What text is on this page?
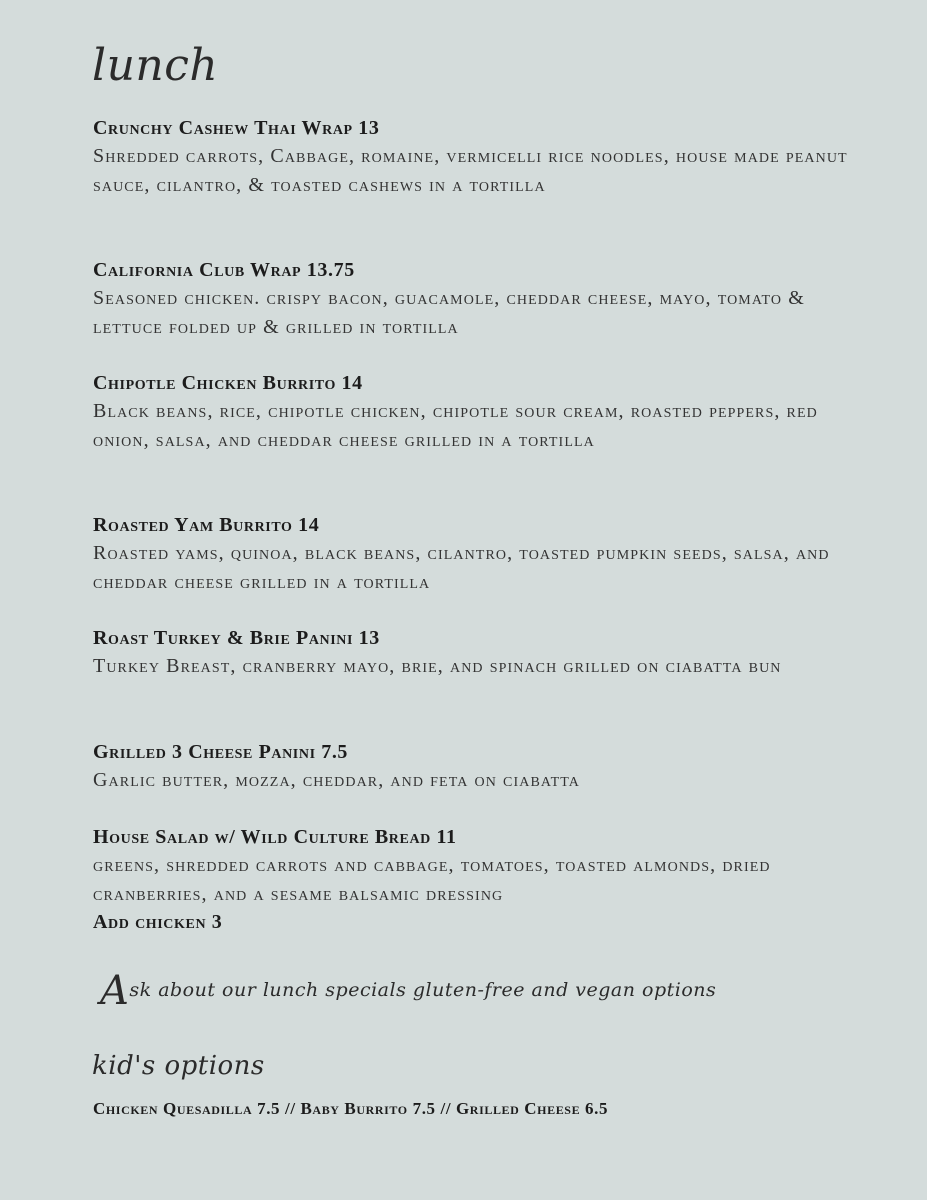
lunch
Crunchy Cashew Thai Wrap 13
Shredded carrots, Cabbage, romaine, vermicelli rice noodles, house made peanut sauce, cilantro, & toasted cashews in a tortilla
California Club Wrap 13.75
Seasoned chicken. crispy bacon, guacamole, cheddar cheese, mayo, tomato & lettuce folded up & grilled in tortilla
Chipotle Chicken Burrito 14
Black beans, rice, chipotle chicken, chipotle sour cream, roasted peppers, red onion, salsa, and cheddar cheese grilled in a tortilla
Roasted Yam Burrito 14
Roasted yams, quinoa, black beans, cilantro, toasted pumpkin seeds, salsa, and cheddar cheese grilled in a tortilla
Roast Turkey & Brie Panini 13
Turkey Breast, cranberry mayo, brie, and spinach grilled on ciabatta bun
Grilled 3 Cheese Panini 7.5
Garlic butter, mozza, cheddar, and feta on ciabatta
House Salad w/ Wild Culture Bread 11
greens, shredded carrots and cabbage, tomatoes, toasted almonds, dried cranberries, and a sesame balsamic dressing
Add chicken 3
Ask about our lunch specials gluten-free and vegan options
kid's options
Chicken Quesadilla 7.5 // Baby Burrito 7.5 // Grilled Cheese 6.5
